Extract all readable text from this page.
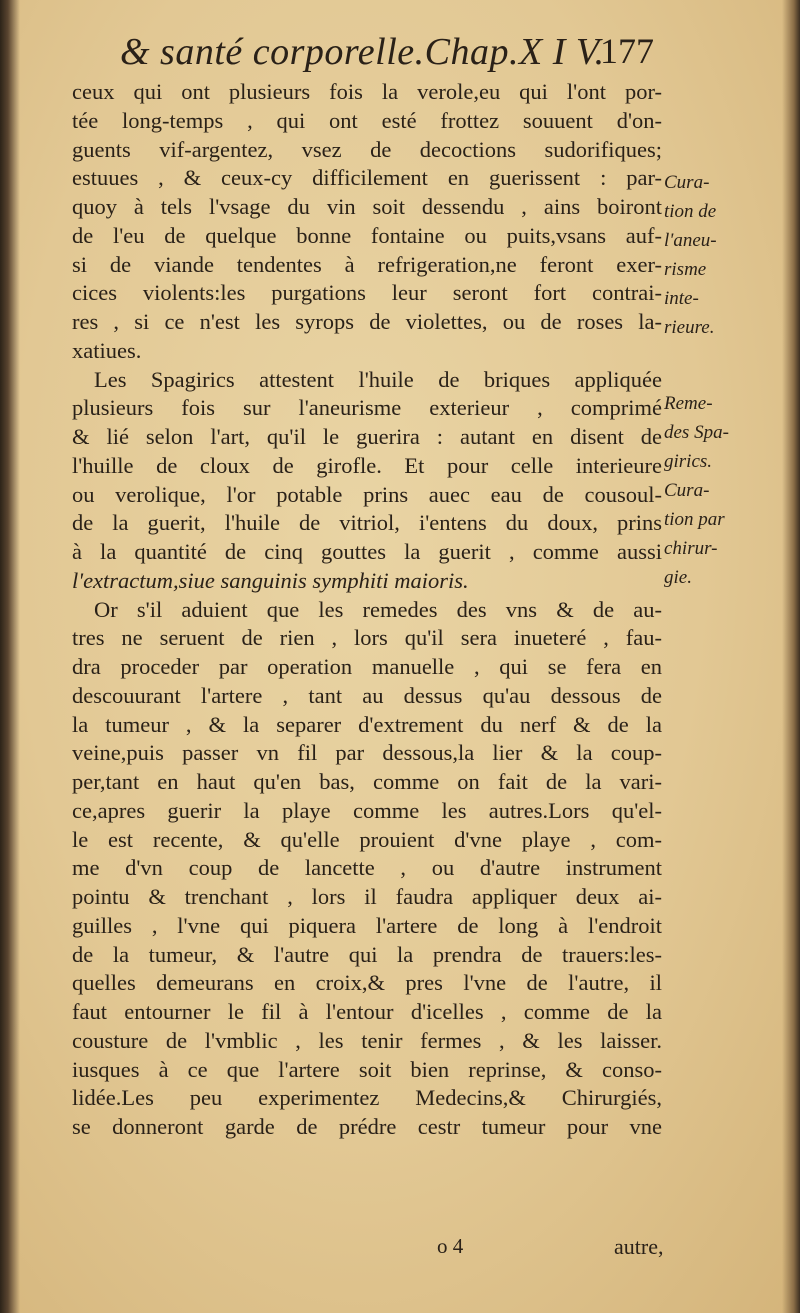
& santé corporelle.Chap.X I V.
177
ceux qui ont plusieurs fois la verole,eu qui l'ont por-
tée long-temps , qui ont esté frottez souuent d'on-
guents vif-argentez, vsez de decoctions sudorifiques;
estuues , & ceux-cy difficilement en guerissent : par-
quoy à tels l'vsage du vin soit dessendu , ains boiront
de l'eu de quelque bonne fontaine ou puits,vsans auf-
si de viande tendentes à refrigeration,ne feront exer-
cices violents:les purgations leur seront fort contrai-
res , si ce n'est les syrops de violettes, ou de roses la-
xatiues.
Les Spagirics attestent l'huile de briques appliquée
plusieurs fois sur l'aneurisme exterieur , comprimé
& lié selon l'art, qu'il le guerira : autant en disent de
l'huille de cloux de girofle. Et pour celle interieure
ou verolique, l'or potable prins auec eau de cousoul-
de la guerit, l'huile de vitriol, i'entens du doux, prins
à la quantité de cinq gouttes la guerit , comme aussi
l'extractum,siue sanguinis symphiti maioris.
Or s'il aduient que les remedes des vns & de au-
tres ne seruent de rien , lors qu'il sera inueteré , fau-
dra proceder par operation manuelle , qui se fera en
descouurant l'artere , tant au dessus qu'au dessous de
la tumeur , & la separer d'extrement du nerf & de la
veine,puis passer vn fil par dessous,la lier & la coup-
per,tant en haut qu'en bas, comme on fait de la vari-
ce,apres guerir la playe comme les autres.Lors qu'el-
le est recente, & qu'elle prouient d'vne playe , com-
me d'vn coup de lancette , ou d'autre instrument
pointu & trenchant , lors il faudra appliquer deux ai-
guilles , l'vne qui piquera l'artere de long à l'endroit
de la tumeur, & l'autre qui la prendra de trauers:les-
quelles demeurans en croix,& pres l'vne de l'autre, il
faut entourner le fil à l'entour d'icelles , comme de la
cousture de l'vmblic , les tenir fermes , & les laisser.
iusques à ce que l'artere soit bien reprinse, & conso-
lidée.Les peu experimentez Medecins,& Chirurgiés,
se donneront garde de prédre cestr tumeur pour vne
Cura-
tion de
l'aneu-
risme
inte-
rieure.
Reme-
des Spa-
girics.
Cura-
tion par
chirur-
gie.
o 4	autre,
